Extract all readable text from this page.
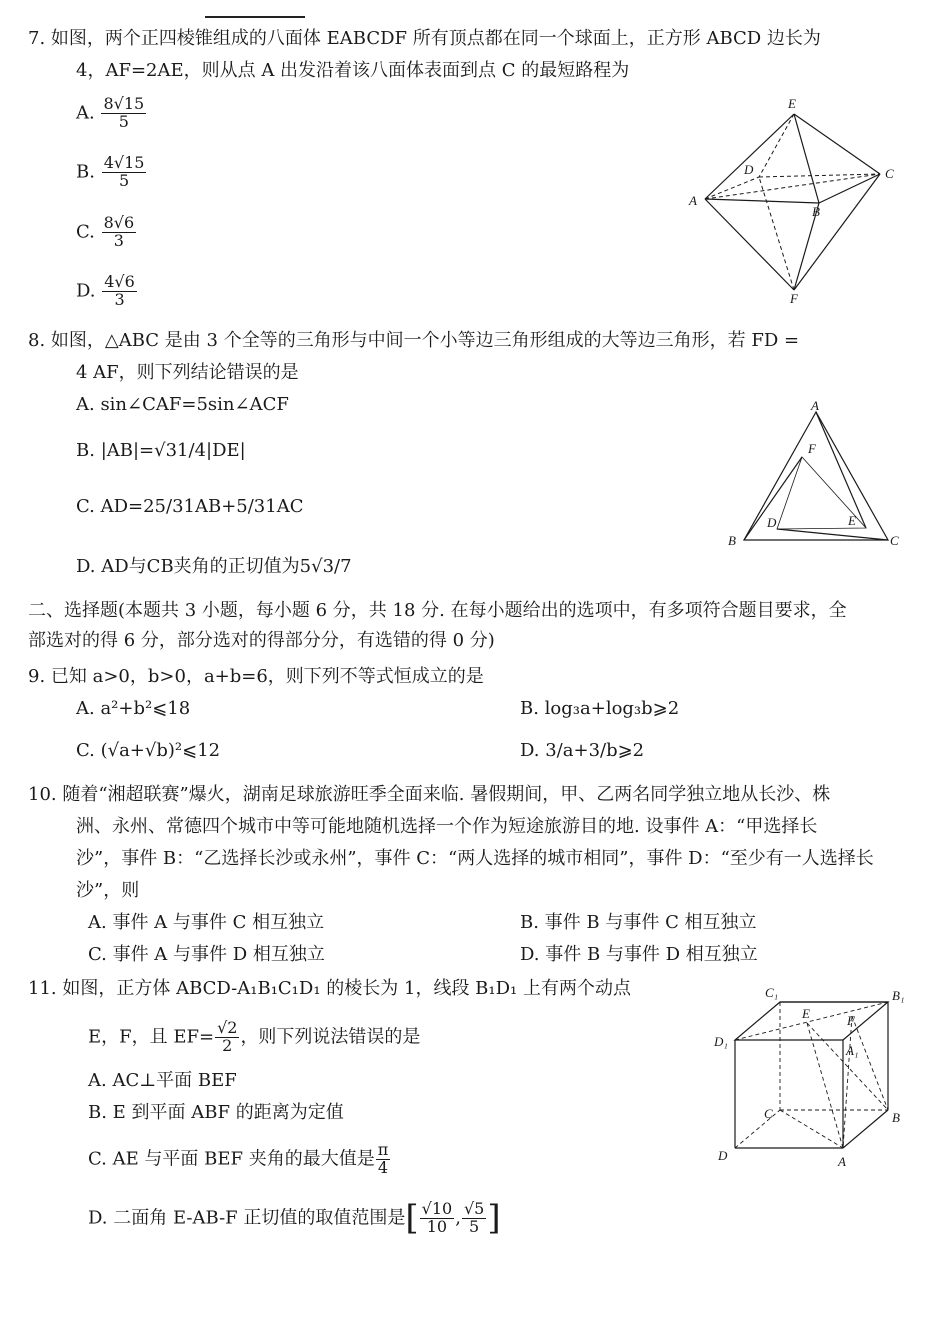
7. 如图，两个正四棱锥组成的八面体 EABCDF 所有顶点都在同一个球面上，正方形 ABCD 边长为
4，AF=2AE，则从点 A 出发沿着该八面体表面到点 C 的最短路程为
A. $\frac{8√15}{5}$
B. $\frac{4√15}{5}$
C. $\frac{8√6}{3}$
D. $\frac{4√6}{3}$
E
D	C
A
B
F
8. 如图，△ABC 是由 3 个全等的三角形与中间一个小等边三角形组成的大等边三角形，若 FD =
4 AF，则下列结论错误的是
A. sin∠CAF=5sin∠ACF
B. |AB|=√31/4|DE|
C. AD=25/31AB+5/31AC
D. AD与CB夹角的正切值为5√3/7
A
F
D	E
B	C
二、选择题(本题共 3 小题，每小题 6 分，共 18 分. 在每小题给出的选项中，有多项符合题目要求，全
部选对的得 6 分，部分选对的得部分分，有选错的得 0 分)
9. 已知 a>0，b>0，a+b=6，则下列不等式恒成立的是
A. a²+b²⩽18	B. log₃a+log₃b⩾2
C. (√a+√b)²⩽12	D. 3/a+3/b⩾2
10. 随着“湘超联赛”爆火，湖南足球旅游旺季全面来临. 暑假期间，甲、乙两名同学独立地从长沙、株
洲、永州、常德四个城市中等可能地随机选择一个作为短途旅游目的地. 设事件 A：“甲选择长
沙”，事件 B：“乙选择长沙或永州”，事件 C：“两人选择的城市相同”，事件 D：“至少有一人选择长
沙”，则
A. 事件 A 与事件 C 相互独立	B. 事件 B 与事件 C 相互独立
C. 事件 A 与事件 D 相互独立	D. 事件 B 与事件 D 相互独立
11. 如图，正方体 ABCD-A₁B₁C₁D₁ 的棱长为 1，线段 B₁D₁ 上有两个动点
E，F，且 $EF= \frac{√2}{2}$ ，则下列说法错误的是
A. AC⊥平面 BEF
B. E 到平面 ABF 的距离为定值
C. AE 与平面 BEF 夹角的最大值是 $\frac{\pi}{4}$
D. 二面角 E-AB-F 正切值的取值范围是[ $\frac{√10}{10}$ , $\frac{√5}{5}$ ]
C₁	B₁
E	F
D₁
A₁
C	B
D	A
